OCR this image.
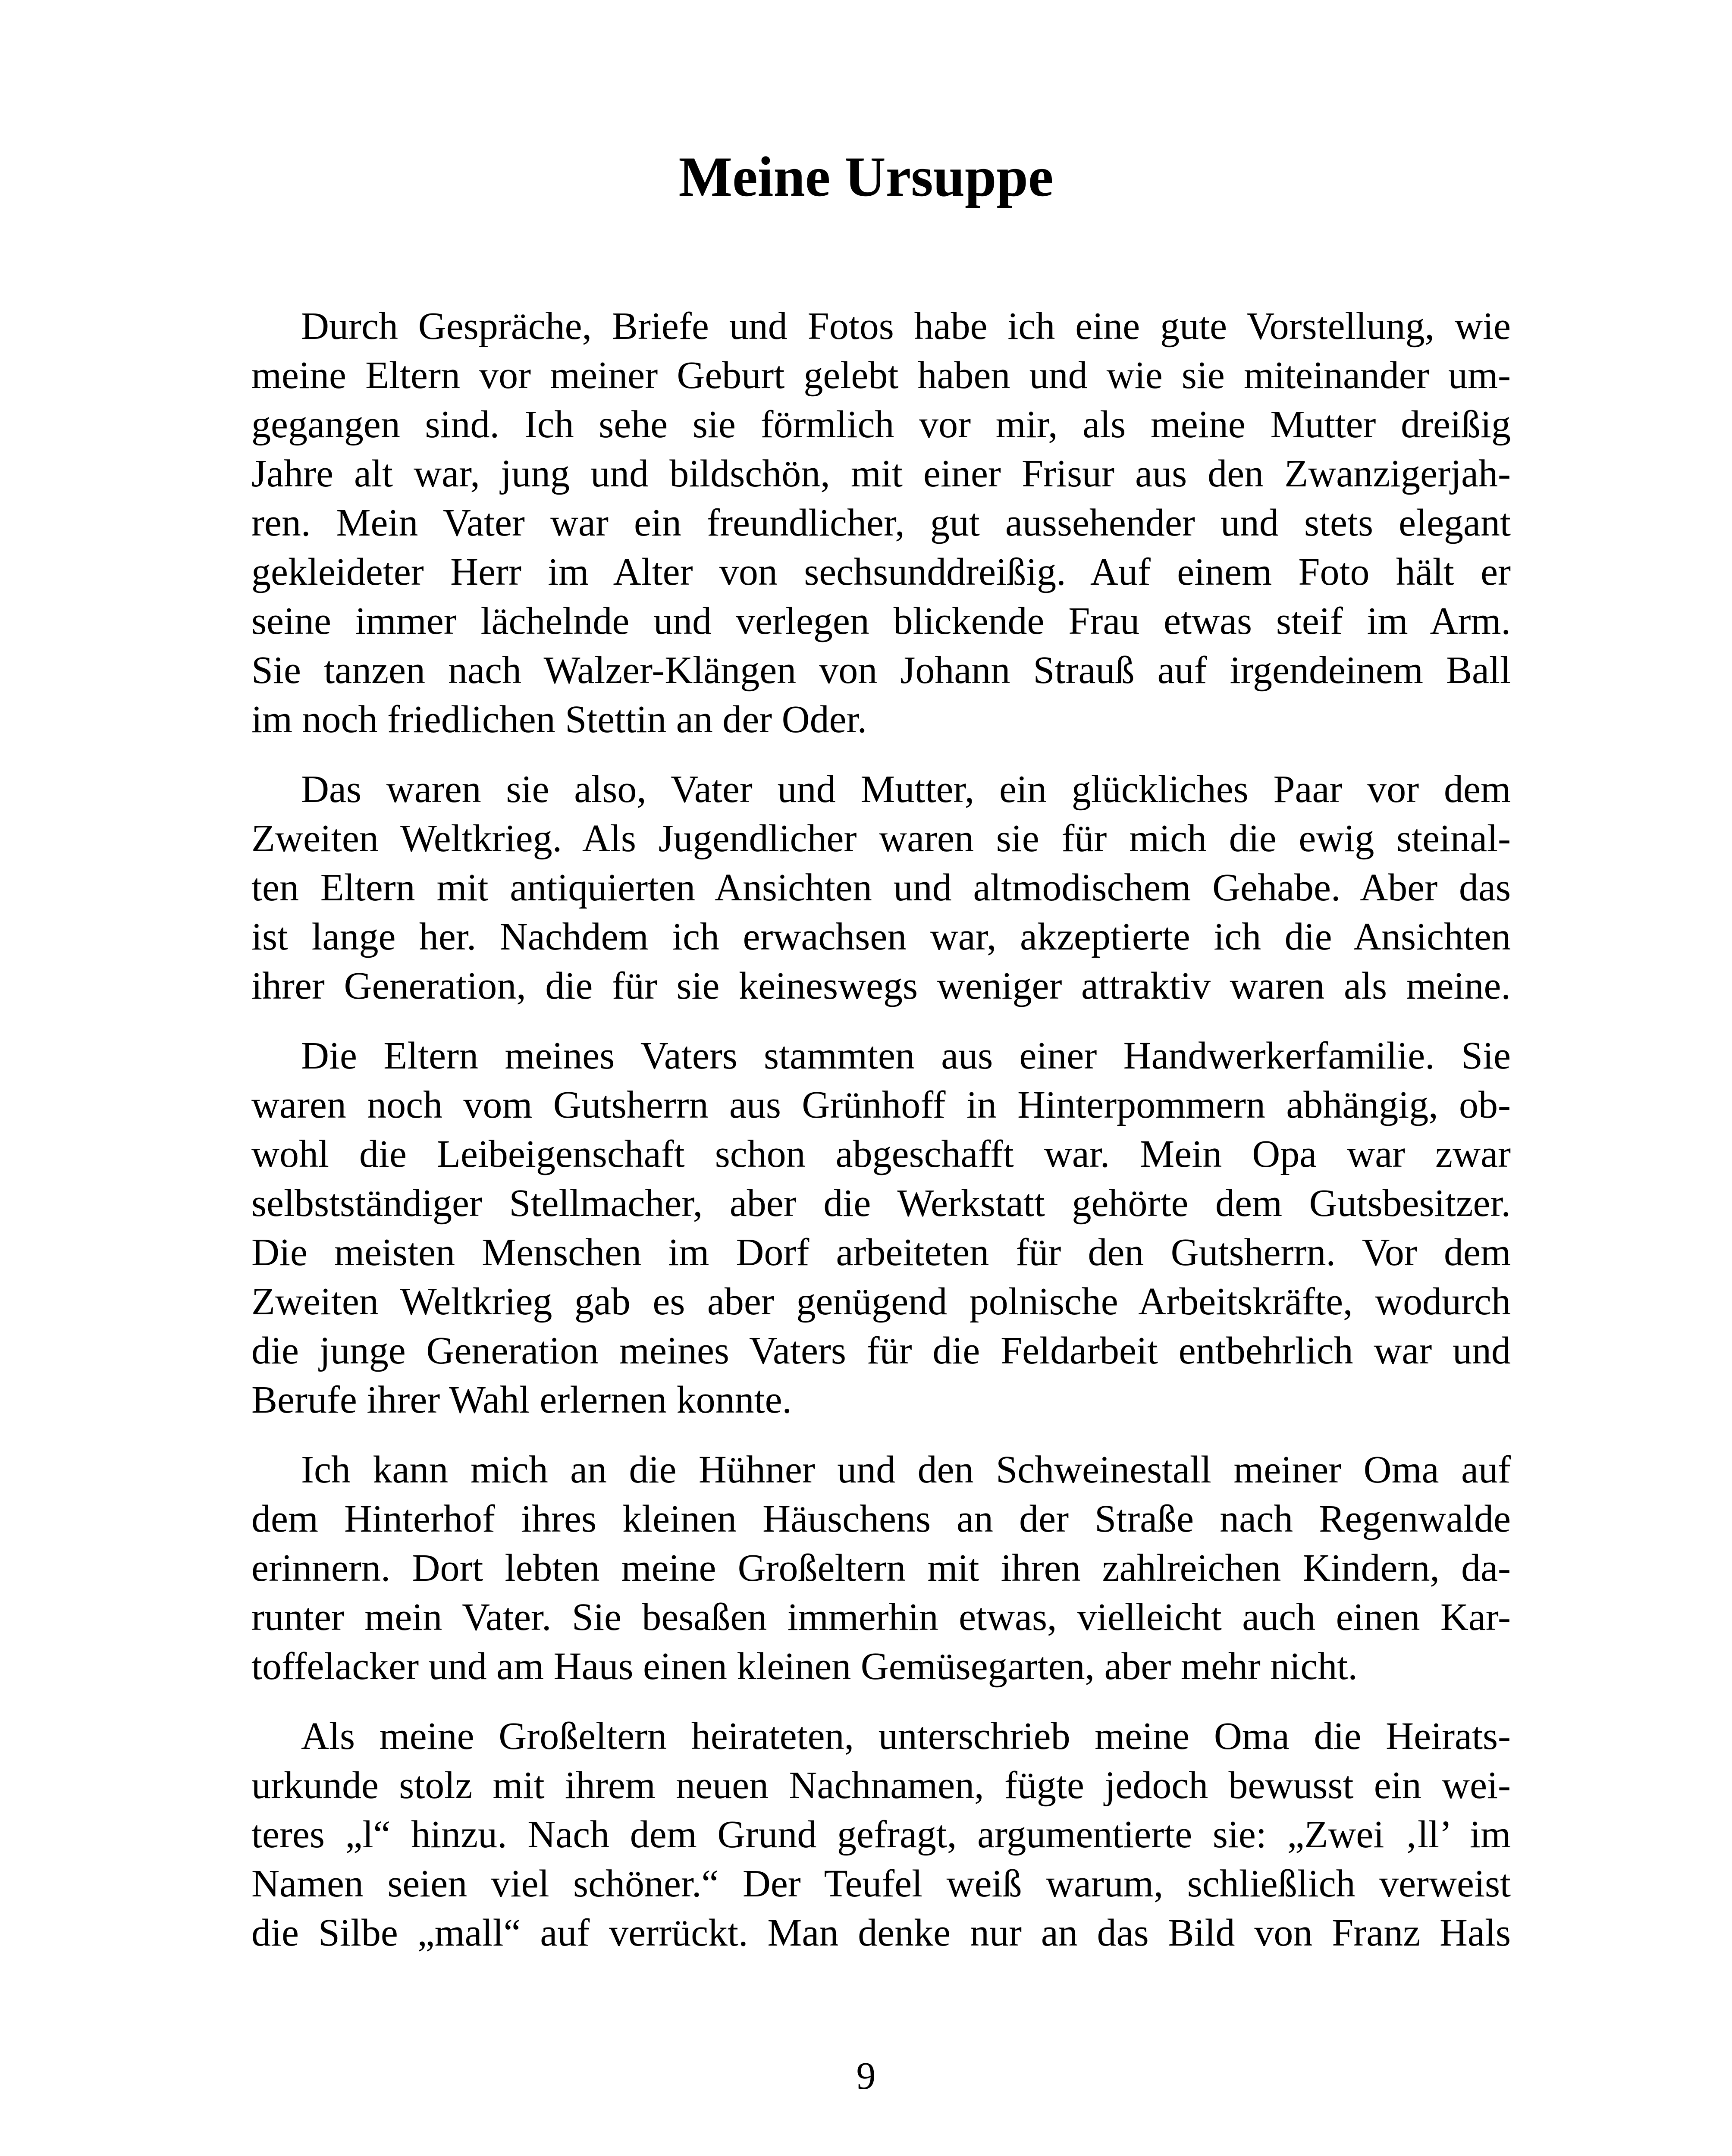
Meine Ursuppe

Durch Gespräche, Briefe und Fotos habe ich eine gute Vorstellung, wie
meine Eltern vor meiner Geburt gelebt haben und wie sie miteinander um-
gegangen sind. Ich sehe sie förmlich vor mir, als meine Mutter dreißig
Jahre alt war, jung und bildschön, mit einer Frisur aus den Zwanzigerjah-
ren. Mein Vater war ein freundlicher, gut aussehender und stets elegant
gekleideter Herr im Alter von sechsunddreißig. Auf einem Foto hält er
seine immer lächelnde und verlegen blickende Frau etwas steif im Arm.
Sie tanzen nach Walzer-Klängen von Johann Strauß auf irgendeinem Ball
im noch friedlichen Stettin an der Oder.

Das waren sie also, Vater und Mutter, ein glückliches Paar vor dem
Zweiten Weltkrieg. Als Jugendlicher waren sie für mich die ewig steinal-
ten Eltern mit antiquierten Ansichten und altmodischem Gehabe. Aber das
ist lange her. Nachdem ich erwachsen war, akzeptierte ich die Ansichten
ihrer Generation, die für sie keineswegs weniger attraktiv waren als meine.

Die Eltern meines Vaters stammten aus einer Handwerkerfamilie. Sie
waren noch vom Gutsherrn aus Grünhoff in Hinterpommern abhängig, ob-
wohl die Leibeigenschaft schon abgeschafft war. Mein Opa war zwar
selbstständiger Stellmacher, aber die Werkstatt gehörte dem Gutsbesitzer.
Die meisten Menschen im Dorf arbeiteten für den Gutsherrn. Vor dem
Zweiten Weltkrieg gab es aber genügend polnische Arbeitskräfte, wodurch
die junge Generation meines Vaters für die Feldarbeit entbehrlich war und
Berufe ihrer Wahl erlernen konnte.

Ich kann mich an die Hühner und den Schweinestall meiner Oma auf
dem Hinterhof ihres kleinen Häuschens an der Straße nach Regenwalde
erinnern. Dort lebten meine Großeltern mit ihren zahlreichen Kindern, da-
runter mein Vater. Sie besaßen immerhin etwas, vielleicht auch einen Kar-
toffelacker und am Haus einen kleinen Gemüsegarten, aber mehr nicht.

Als meine Großeltern heirateten, unterschrieb meine Oma die Heirats-
urkunde stolz mit ihrem neuen Nachnamen, fügte jedoch bewusst ein wei-
teres „l“ hinzu. Nach dem Grund gefragt, argumentierte sie: „Zwei ‚ll’ im
Namen seien viel schöner.“ Der Teufel weiß warum, schließlich verweist
die Silbe „mall“ auf verrückt. Man denke nur an das Bild von Franz Hals

9
